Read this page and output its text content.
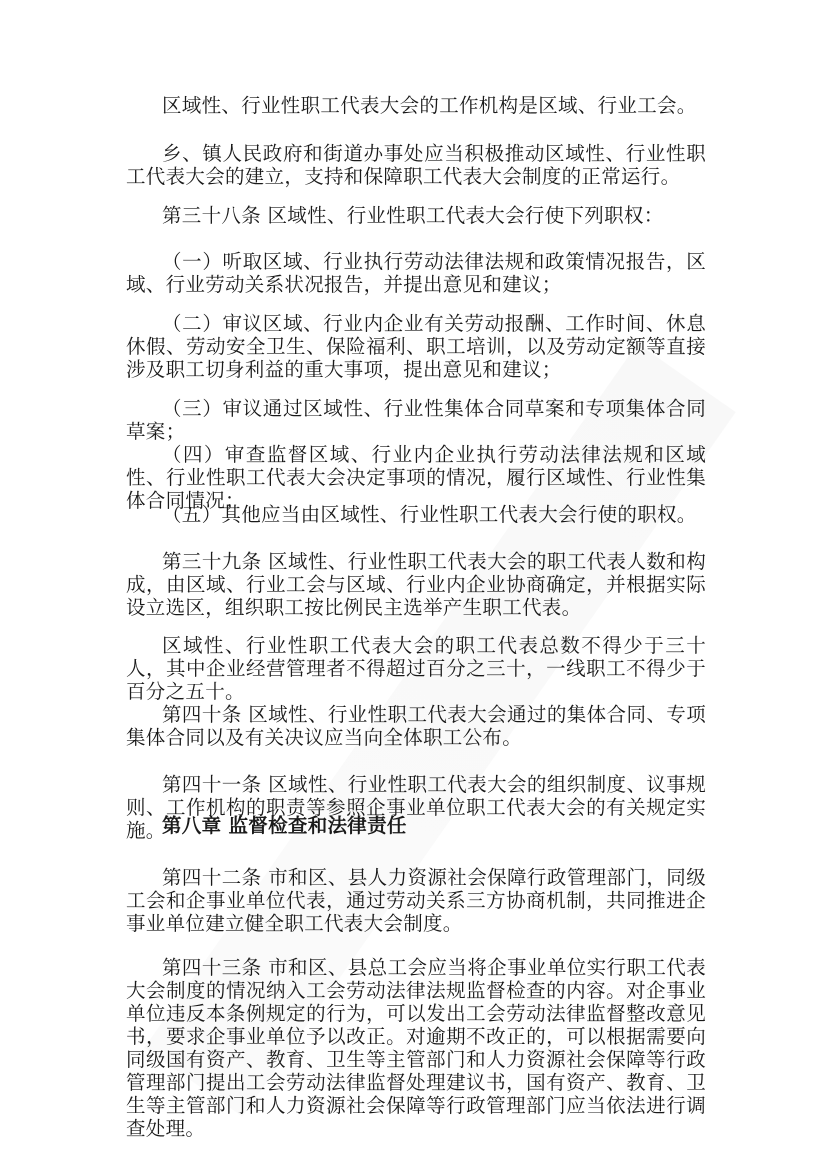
区域性、行业性职工代表大会的工作机构是区域、行业工会。

乡、镇人民政府和街道办事处应当积极推动区域性、行业性职工代表大会的建立，支持和保障职工代表大会制度的正常运行。

第三十八条 区域性、行业性职工代表大会行使下列职权：

（一）听取区域、行业执行劳动法律法规和政策情况报告，区域、行业劳动关系状况报告，并提出意见和建议；

（二）审议区域、行业内企业有关劳动报酬、工作时间、休息休假、劳动安全卫生、保险福利、职工培训，以及劳动定额等直接涉及职工切身利益的重大事项，提出意见和建议；

（三）审议通过区域性、行业性集体合同草案和专项集体合同草案；

（四）审查监督区域、行业内企业执行劳动法律法规和区域性、行业性职工代表大会决定事项的情况，履行区域性、行业性集体合同情况；

（五）其他应当由区域性、行业性职工代表大会行使的职权。

第三十九条 区域性、行业性职工代表大会的职工代表人数和构成，由区域、行业工会与区域、行业内企业协商确定，并根据实际设立选区，组织职工按比例民主选举产生职工代表。

区域性、行业性职工代表大会的职工代表总数不得少于三十人，其中企业经营管理者不得超过百分之三十，一线职工不得少于百分之五十。

第四十条 区域性、行业性职工代表大会通过的集体合同、专项集体合同以及有关决议应当向全体职工公布。

第四十一条 区域性、行业性职工代表大会的组织制度、议事规则、工作机构的职责等参照企事业单位职工代表大会的有关规定实施。

第八章 监督检查和法律责任

第四十二条 市和区、县人力资源社会保障行政管理部门，同级工会和企事业单位代表，通过劳动关系三方协商机制，共同推进企事业单位建立健全职工代表大会制度。

第四十三条 市和区、县总工会应当将企事业单位实行职工代表大会制度的情况纳入工会劳动法律法规监督检查的内容。对企事业单位违反本条例规定的行为，可以发出工会劳动法律监督整改意见书，要求企事业单位予以改正。对逾期不改正的，可以根据需要向同级国有资产、教育、卫生等主管部门和人力资源社会保障等行政管理部门提出工会劳动法律监督处理建议书，国有资产、教育、卫生等主管部门和人力资源社会保障等行政管理部门应当依法进行调查处理。
